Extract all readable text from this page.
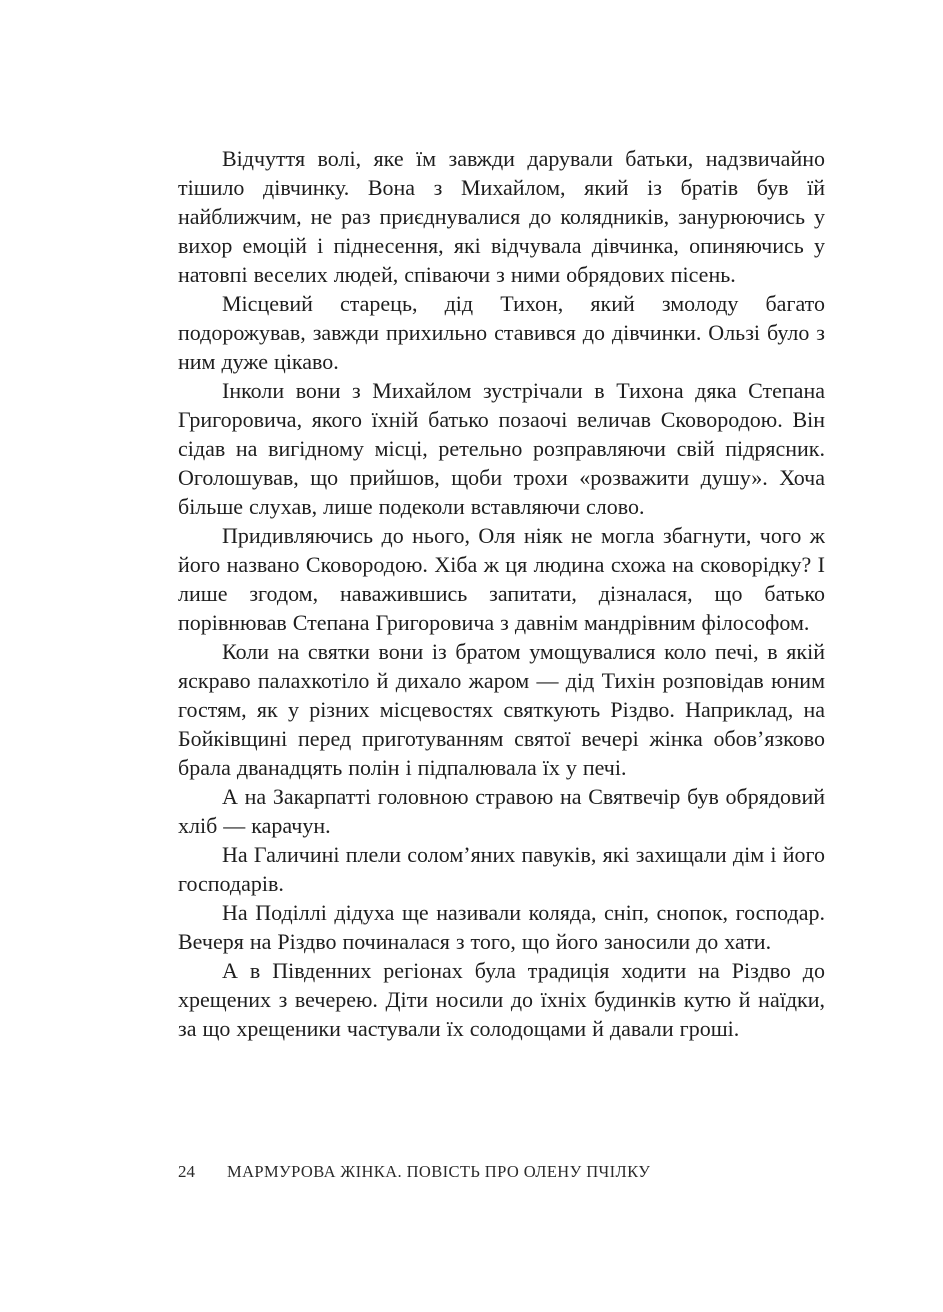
Відчуття волі, яке їм завжди дарували батьки, надзвичайно тішило дівчинку. Вона з Михайлом, який із братів був їй найближчим, не раз приєднувалися до колядників, занурюючись у вихор емоцій і піднесення, які відчувала дівчинка, опиняючись у натовпі веселих людей, співаючи з ними обрядових пісень.

Місцевий старець, дід Тихон, який змолоду багато подорожував, завжди прихильно ставився до дівчинки. Ользі було з ним дуже цікаво.

Інколи вони з Михайлом зустрічали в Тихона дяка Степана Григоровича, якого їхній батько позаочі величав Сковородою. Він сідав на вигідному місці, ретельно розправляючи свій підрясник. Оголошував, що прийшов, щоби трохи «розважити душу». Хоча більше слухав, лише подеколи вставляючи слово.

Придивляючись до нього, Оля ніяк не могла збагнути, чого ж його названо Сковородою. Хіба ж ця людина схожа на сковорідку? І лише згодом, наважившись запитати, дізналася, що батько порівнював Степана Григоровича з давнім мандрівним філософом.

Коли на святки вони із братом умощувалися коло печі, в якій яскраво палахкотіло й дихало жаром — дід Тихін розповідав юним гостям, як у різних місцевостях святкують Різдво. Наприклад, на Бойківщині перед приготуванням святої вечері жінка обов’язково брала дванадцять полін і підпалювала їх у печі.

А на Закарпатті головною стравою на Святвечір був обрядовий хліб — карачун.

На Галичині плели солом’яних павуків, які захищали дім і його господарів.

На Поділлі дідуха ще називали коляда, сніп, снопок, господар. Вечеря на Різдво починалася з того, що його заносили до хати.

А в Південних регіонах була традиція ходити на Різдво до хрещених з вечерею. Діти носили до їхніх будинків кутю й наїдки, за що хрещеники частували їх солодощами й давали гроші.

24 МАРМУРОВА ЖІНКА. ПОВІСТЬ ПРО ОЛЕНУ ПЧІЛКУ
